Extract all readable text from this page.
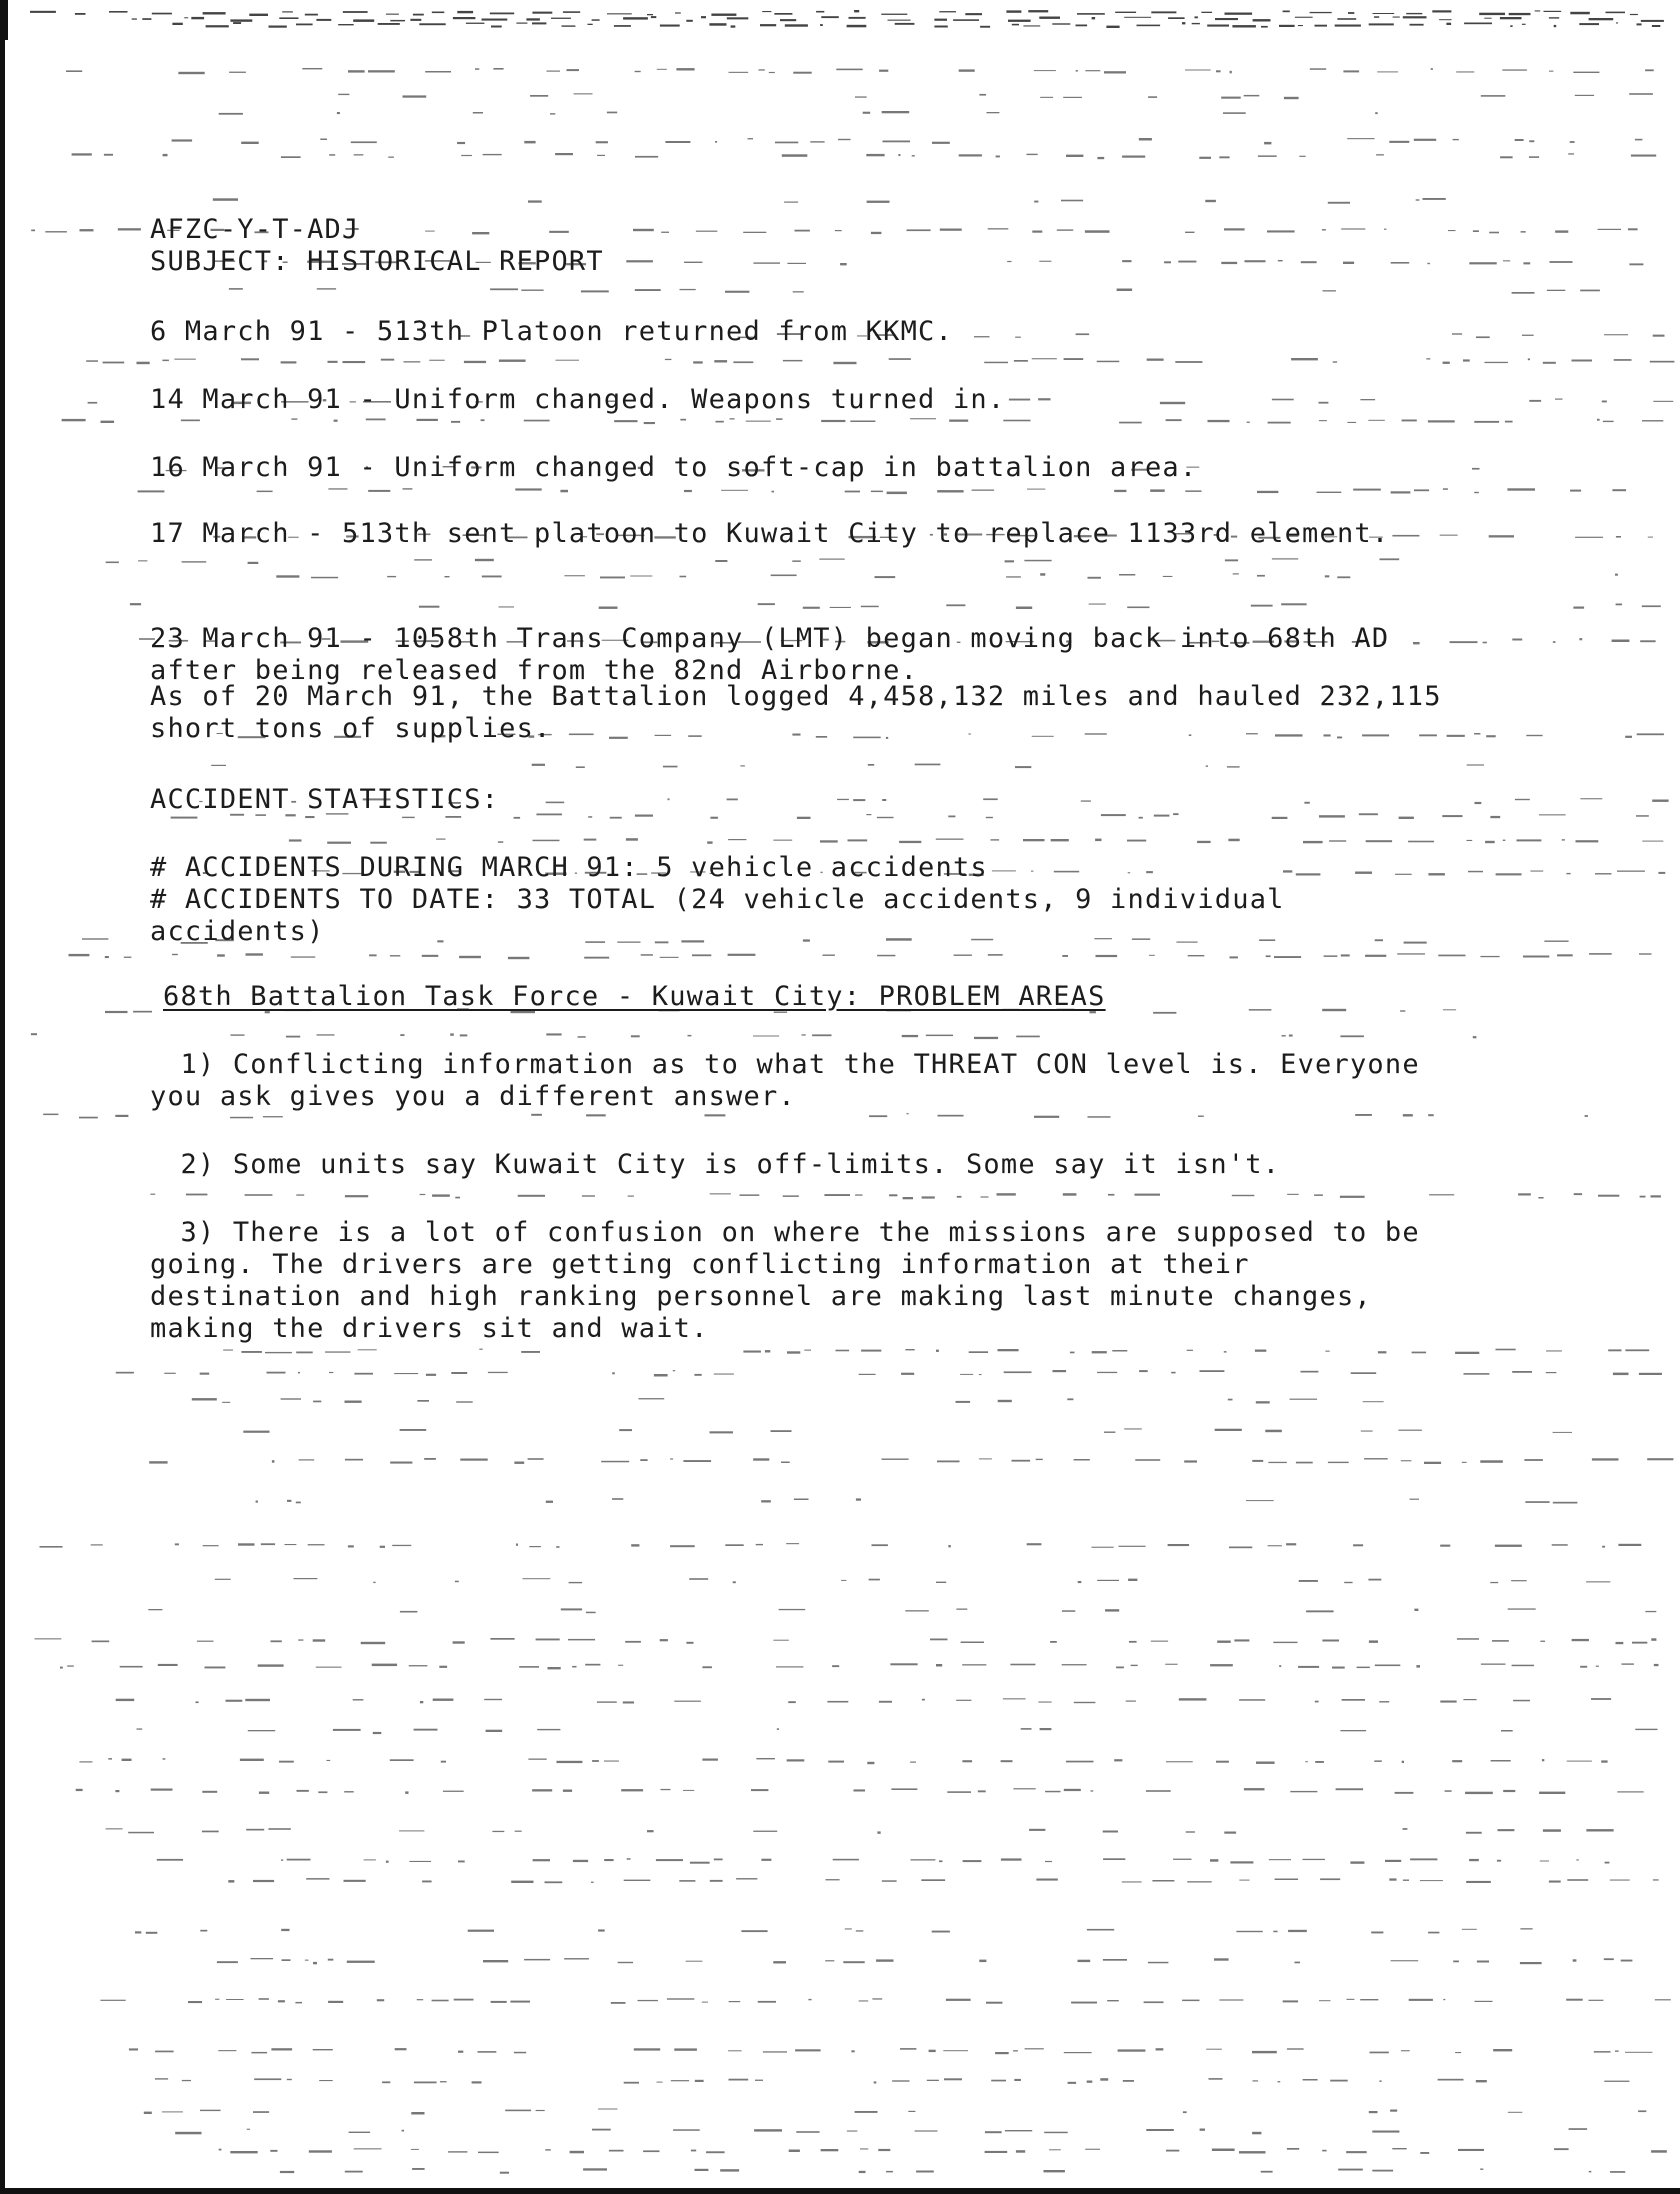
AFZC-Y-T-ADJ

SUBJECT: HISTORICAL REPORT

6 March 91 - 513th Platoon returned from KKMC.

14 March 91 - Uniform changed. Weapons turned in.

16 March 91 - Uniform changed to soft-cap in battalion area.

17 March - 513th sent platoon to Kuwait City to replace 1133rd element.

23 March 91 - 1058th Trans Company (LMT) began moving back into 68th AD

after being released from the 82nd Airborne.

As of 20 March 91, the Battalion logged 4,458,132 miles and hauled 232,115

short tons of supplies.

ACCIDENT STATISTICS:

# ACCIDENTS DURING MARCH 91: 5 vehicle accidents

# ACCIDENTS TO DATE: 33 TOTAL (24 vehicle accidents, 9 individual

accidents)

68th Battalion Task Force - Kuwait City: PROBLEM AREAS

1) Conflicting information as to what the THREAT CON level is. Everyone

you ask gives you a different answer.

2) Some units say Kuwait City is off-limits. Some say it isn't.

3) There is a lot of confusion on where the missions are supposed to be

going. The drivers are getting conflicting information at their

destination and high ranking personnel are making last minute changes,

making the drivers sit and wait.
